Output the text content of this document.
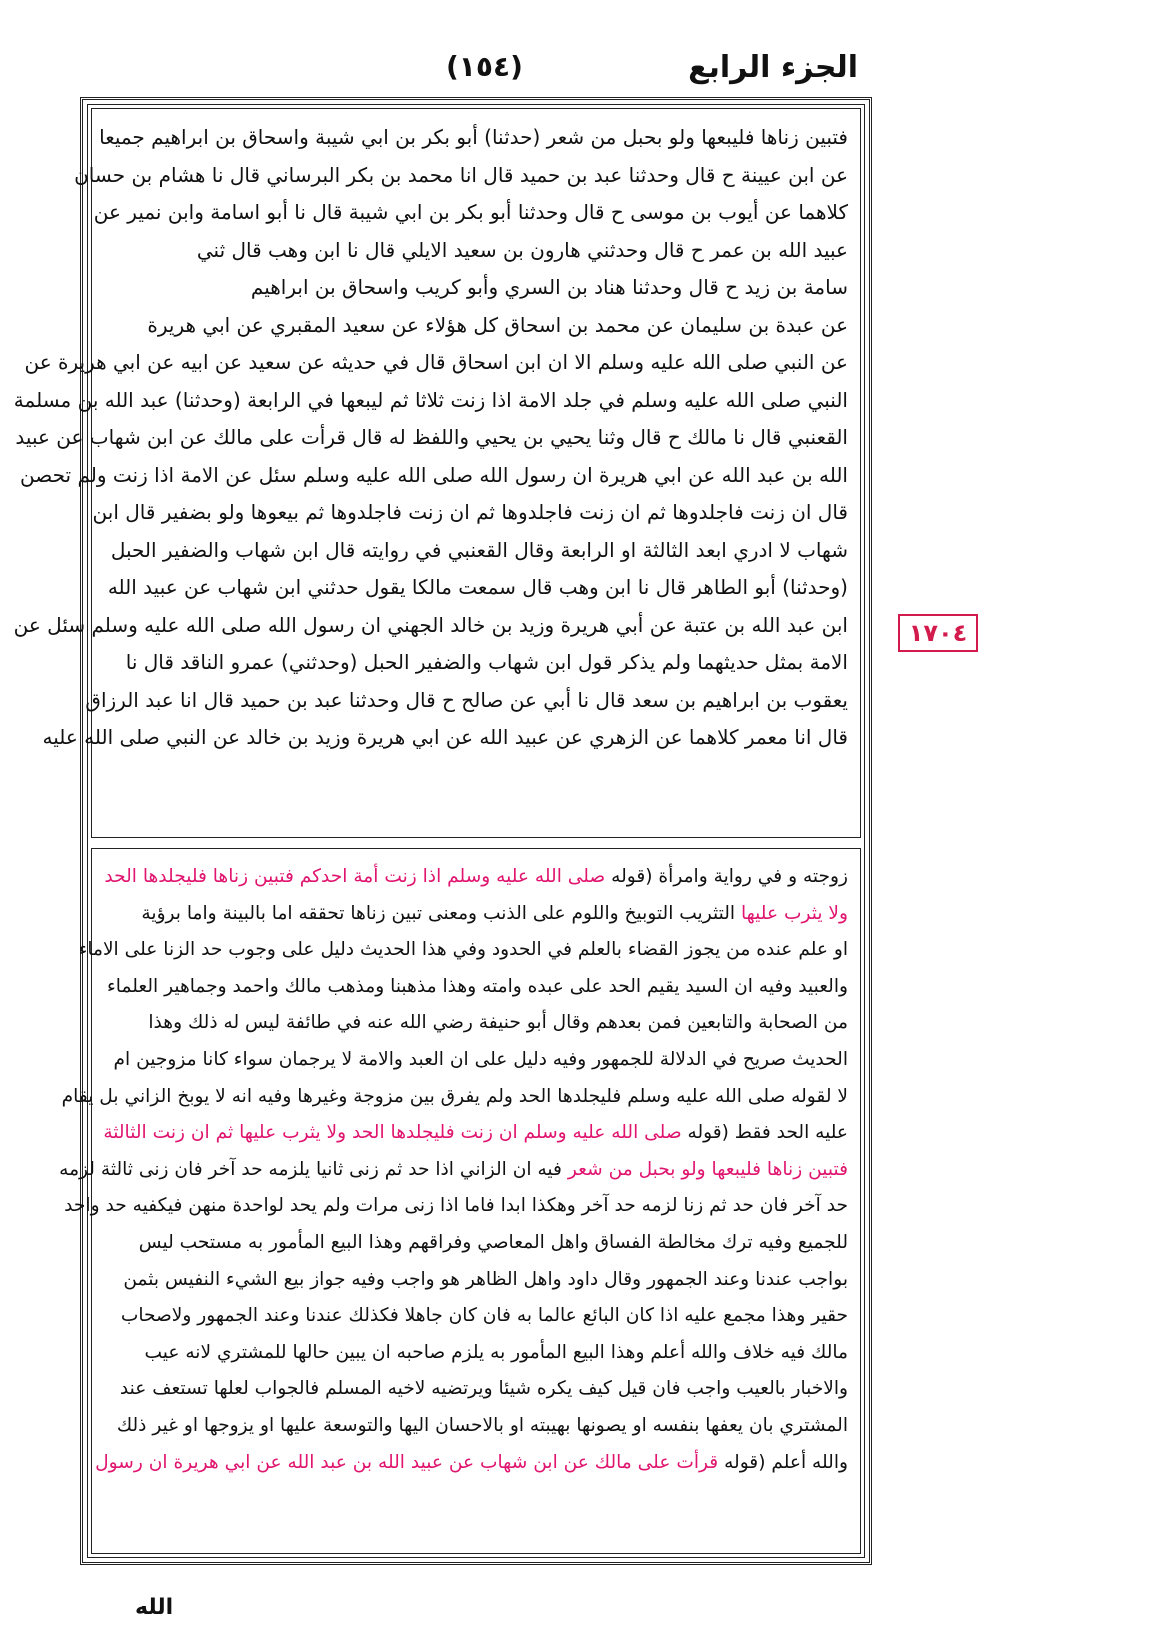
الجزء الرابع
(١٥٤)
فتبين زناها فليبعها ولو بحبل من شعر (حدثنا) أبو بكر بن ابي شيبة واسحاق بن ابراهيم جميعا
عن ابن عيينة ح قال وحدثنا عبد بن حميد قال انا محمد بن بكر البرساني قال نا هشام بن حسان
كلاهما عن أيوب بن موسى ح قال وحدثنا أبو بكر بن ابي شيبة قال نا أبو اسامة وابن نمير عن
عبيد الله بن عمر ح قال وحدثني هارون بن سعيد الايلي قال نا ابن وهب قال ثني
سامة بن زيد ح قال وحدثنا هناد بن السري وأبو كريب واسحاق بن ابراهيم
عن عبدة بن سليمان عن محمد بن اسحاق كل هؤلاء عن سعيد المقبري عن ابي هريرة
عن النبي صلى الله عليه وسلم الا ان ابن اسحاق قال في حديثه عن سعيد عن ابيه عن ابي هريرة عن
النبي صلى الله عليه وسلم في جلد الامة اذا زنت ثلاثا ثم ليبعها في الرابعة (وحدثنا) عبد الله بن مسلمة
القعنبي قال نا مالك ح قال وثنا يحيي بن يحيي واللفظ له قال قرأت على مالك عن ابن شهاب عن عبيد
الله بن عبد الله عن ابي هريرة ان رسول الله صلى الله عليه وسلم سئل عن الامة اذا زنت ولم تحصن
قال ان زنت فاجلدوها ثم ان زنت فاجلدوها ثم ان زنت فاجلدوها ثم بيعوها ولو بضفير قال ابن
شهاب لا ادري ابعد الثالثة او الرابعة وقال القعنبي في روايته قال ابن شهاب والضفير الحبل
(وحدثنا) أبو الطاهر قال نا ابن وهب قال سمعت مالكا يقول حدثني ابن شهاب عن عبيد الله
ابن عبد الله بن عتبة عن أبي هريرة وزيد بن خالد الجهني ان رسول الله صلى الله عليه وسلم سئل عن
الامة بمثل حديثهما ولم يذكر قول ابن شهاب والضفير الحبل (وحدثني) عمرو الناقد قال نا
يعقوب بن ابراهيم بن سعد قال نا أبي عن صالح ح قال وحدثنا عبد بن حميد قال انا عبد الرزاق
قال انا معمر كلاهما عن الزهري عن عبيد الله عن ابي هريرة وزيد بن خالد عن النبي صلى الله عليه
زوجته و في رواية وامرأة (قوله صلى الله عليه وسلم اذا زنت أمة احدكم فتبين زناها فليجلدها الحد
ولا يثرب عليها التثريب التوبيخ واللوم على الذنب ومعنى تبين زناها تحققه اما بالبينة واما برؤية
او علم عنده من يجوز القضاء بالعلم في الحدود وفي هذا الحديث دليل على وجوب حد الزنا على الاماء
والعبيد وفيه ان السيد يقيم الحد على عبده وامته وهذا مذهبنا ومذهب مالك واحمد وجماهير العلماء
من الصحابة والتابعين فمن بعدهم وقال أبو حنيفة رضي الله عنه في طائفة ليس له ذلك وهذا
الحديث صريح في الدلالة للجمهور وفيه دليل على ان العبد والامة لا يرجمان سواء كانا مزوجين ام
لا لقوله صلى الله عليه وسلم فليجلدها الحد ولم يفرق بين مزوجة وغيرها وفيه انه لا يوبخ الزاني بل يقام
عليه الحد فقط (قوله صلى الله عليه وسلم ان زنت فليجلدها الحد ولا يثرب عليها ثم ان زنت الثالثة
فتبين زناها فليبعها ولو بحبل من شعر فيه ان الزاني اذا حد ثم زنى ثانيا يلزمه حد آخر فان زنى ثالثة لزمه
حد آخر فان حد ثم زنا لزمه حد آخر وهكذا ابدا فاما اذا زنى مرات ولم يحد لواحدة منهن فيكفيه حد واحد
للجميع وفيه ترك مخالطة الفساق واهل المعاصي وفراقهم وهذا البيع المأمور به مستحب ليس
بواجب عندنا وعند الجمهور وقال داود واهل الظاهر هو واجب وفيه جواز بيع الشيء النفيس بثمن
حقير وهذا مجمع عليه اذا كان البائع عالما به فان كان جاهلا فكذلك عندنا وعند الجمهور ولاصحاب
مالك فيه خلاف والله أعلم وهذا البيع المأمور به يلزم صاحبه ان يبين حالها للمشتري لانه عيب
والاخبار بالعيب واجب فان قيل كيف يكره شيئا ويرتضيه لاخيه المسلم فالجواب لعلها تستعف عند
المشتري بان يعفها بنفسه او يصونها بهيبته او بالاحسان اليها والتوسعة عليها او يزوجها او غير ذلك
والله أعلم (قوله قرأت على مالك عن ابن شهاب عن عبيد الله بن عبد الله عن ابي هريرة ان رسول
١٧٠٤
الله
